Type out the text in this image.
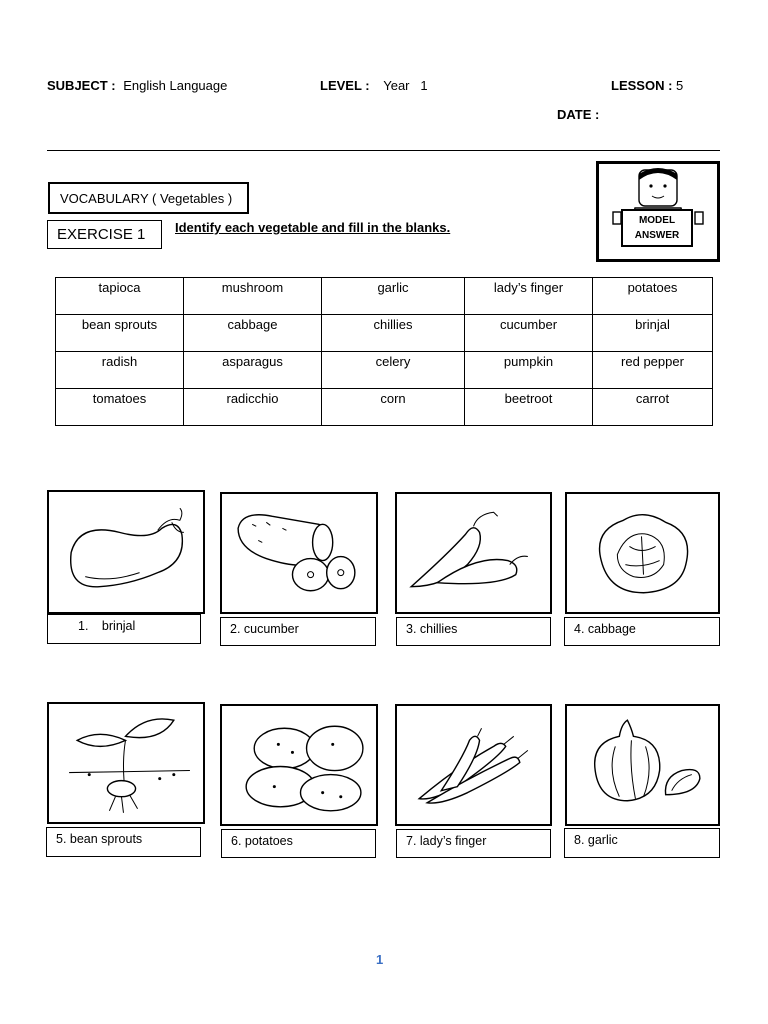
SUBJECT : English Language	LEVEL : Year   1	LESSON : 5
DATE :
VOCABULARY ( Vegetables )
EXERCISE 1	Identify each vegetable and fill in the blanks.	MODEL
ANSWER
tapioca	mushroom	garlic	lady’s finger	potatoes
bean sprouts	cabbage	chillies	cucumber	brinjal
radish	asparagus	celery	pumpkin	red pepper
tomatoes	radicchio	corn	beetroot	carrot
1. brinjal	2. cucumber	3. chillies	4. cabbage
5. bean sprouts	6. potatoes	7. lady’s finger	8. garlic
1
